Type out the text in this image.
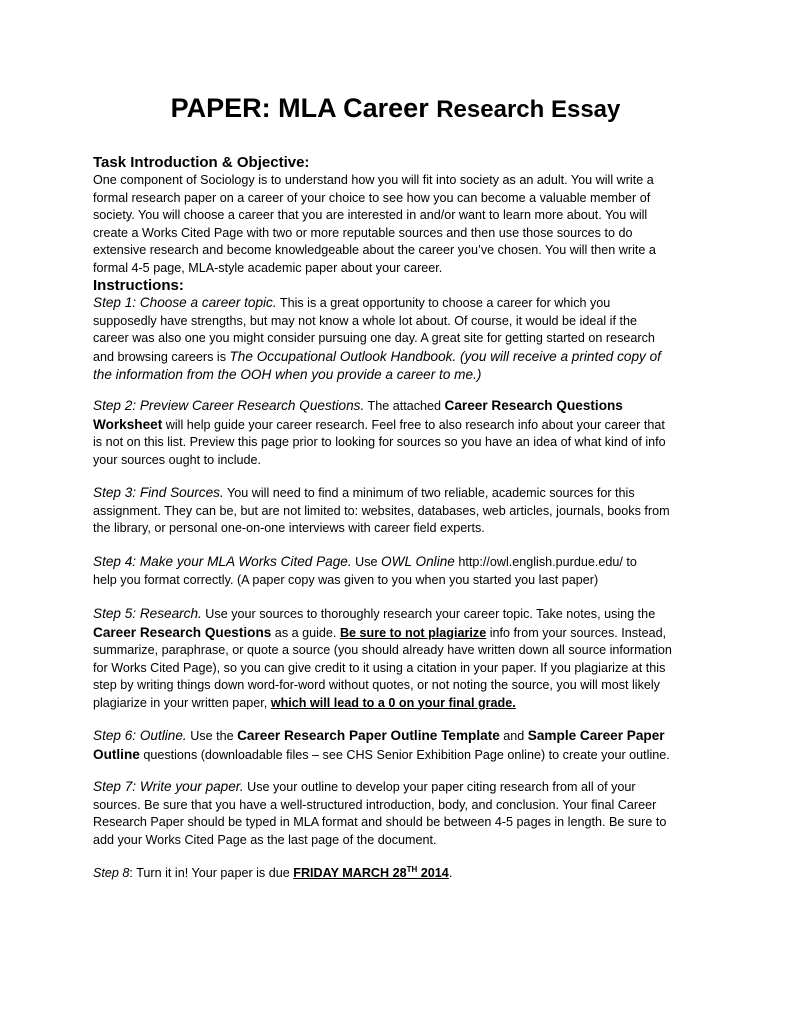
PAPER: MLA Career Research Essay
Task Introduction & Objective:
One component of Sociology is to understand how you will fit into society as an adult. You will write a
formal research paper on a career of your choice to see how you can become a valuable member of
society. You will choose a career that you are interested in and/or want to learn more about. You will
create a Works Cited Page with two or more reputable sources and then use those sources to do
extensive research and become knowledgeable about the career you’ve chosen. You will then write a
formal 4-5 page, MLA-style academic paper about your career.
Instructions:
Step 1: Choose a career topic. This is a great opportunity to choose a career for which you
supposedly have strengths, but may not know a whole lot about. Of course, it would be ideal if the
career was also one you might consider pursuing one day. A great site for getting started on research
and browsing careers is The Occupational Outlook Handbook. (you will receive a printed copy of
the information from the OOH when you provide a career to me.)
Step 2: Preview Career Research Questions. The attached Career Research Questions
Worksheet will help guide your career research. Feel free to also research info about your career that
is not on this list. Preview this page prior to looking for sources so you have an idea of what kind of info
your sources ought to include.
Step 3: Find Sources. You will need to find a minimum of two reliable, academic sources for this
assignment. They can be, but are not limited to: websites, databases, web articles, journals, books from
the library, or personal one-on-one interviews with career field experts.
Step 4: Make your MLA Works Cited Page. Use OWL Online http://owl.english.purdue.edu/ to
help you format correctly. (A paper copy was given to you when you started you last paper)
Step 5: Research. Use your sources to thoroughly research your career topic. Take notes, using the
Career Research Questions as a guide. Be sure to not plagiarize info from your sources. Instead,
summarize, paraphrase, or quote a source (you should already have written down all source information
for Works Cited Page), so you can give credit to it using a citation in your paper. If you plagiarize at this
step by writing things down word-for-word without quotes, or not noting the source, you will most likely
plagiarize in your written paper, which will lead to a 0 on your final grade.
Step 6: Outline. Use the Career Research Paper Outline Template and Sample Career Paper
Outline questions (downloadable files – see CHS Senior Exhibition Page online) to create your outline.
Step 7: Write your paper. Use your outline to develop your paper citing research from all of your
sources. Be sure that you have a well-structured introduction, body, and conclusion. Your final Career
Research Paper should be typed in MLA format and should be between 4-5 pages in length. Be sure to
add your Works Cited Page as the last page of the document.
Step 8: Turn it in! Your paper is due FRIDAY MARCH 28TH 2014.
